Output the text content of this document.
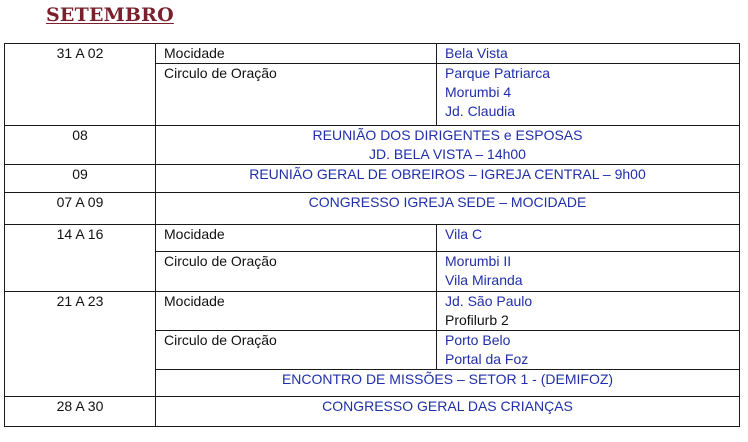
SETEMBRO
31 A 02	Mocidade	Bela Vista

	Circulo de Oração	Parque Patriarca
Morumbi 4
Jd. Claudia

08	REUNIÃO DOS DIRIGENTES e ESPOSAS
JD. BELA VISTA – 14h00	

09	REUNIÃO GERAL DE OBREIROS – IGREJA CENTRAL – 9h00	
07 A 09	CONGRESSO IGREJA SEDE – MOCIDADE	
14 A 16	Mocidade	Vila C

	Circulo de Oração	Morumbi II
Vila Miranda

21 A 23	Mocidade	Jd. São Paulo
Profilurb 2

	Circulo de Oração	Porto Belo
Portal da Foz

	ENCONTRO DE MISSÕES – SETOR 1 - (DEMIFOZ)	
28 A 30	CONGRESSO GERAL DAS CRIANÇAS	
